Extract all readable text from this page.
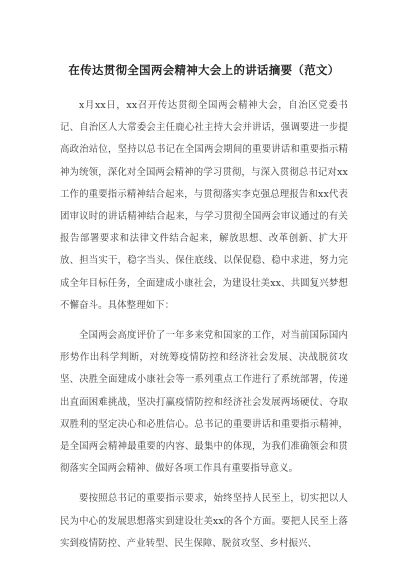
在传达贯彻全国两会精神大会上的讲话摘要（范文）

x月xx日，xx召开传达贯彻全国两会精神大会，自治区党委书记、自治区人大常委会主任鹿心社主持大会并讲话，强调要进一步提高政治站位，坚持以总书记在全国两会期间的重要讲话和重要指示精神为统领，深化对全国两会精神的学习贯彻，与深入贯彻总书记对xx工作的重要指示精神结合起来，与贯彻落实李克强总理报告和xx代表团审议时的讲话精神结合起来，与学习贯彻全国两会审议通过的有关报告部署要求和法律文件结合起来，解放思想、改革创新、扩大开放、担当实干，稳字当头、保住底线、以保促稳、稳中求进，努力完成全年目标任务，全面建成小康社会，为建设壮美xx、共圆复兴梦想不懈奋斗。具体整理如下：

全国两会高度评价了一年多来党和国家的工作，对当前国际国内形势作出科学判断，对统筹疫情防控和经济社会发展、决战脱贫攻坚、决胜全面建成小康社会等一系列重点工作进行了系统部署，传递出直面困难挑战，坚决打赢疫情防控和经济社会发展两场硬仗、夺取双胜利的坚定决心和必胜信心。总书记的重要讲话和重要指示精神，是全国两会精神最重要的内容、最集中的体现，为我们准确领会和贯彻落实全国两会精神、做好各项工作具有重要指导意义。

要按照总书记的重要指示要求，始终坚持人民至上，切实把以人民为中心的发展思想落实到建设壮美xx的各个方面。要把人民至上落实到疫情防控、产业转型、民生保障、脱贫攻坚、乡村振兴、
